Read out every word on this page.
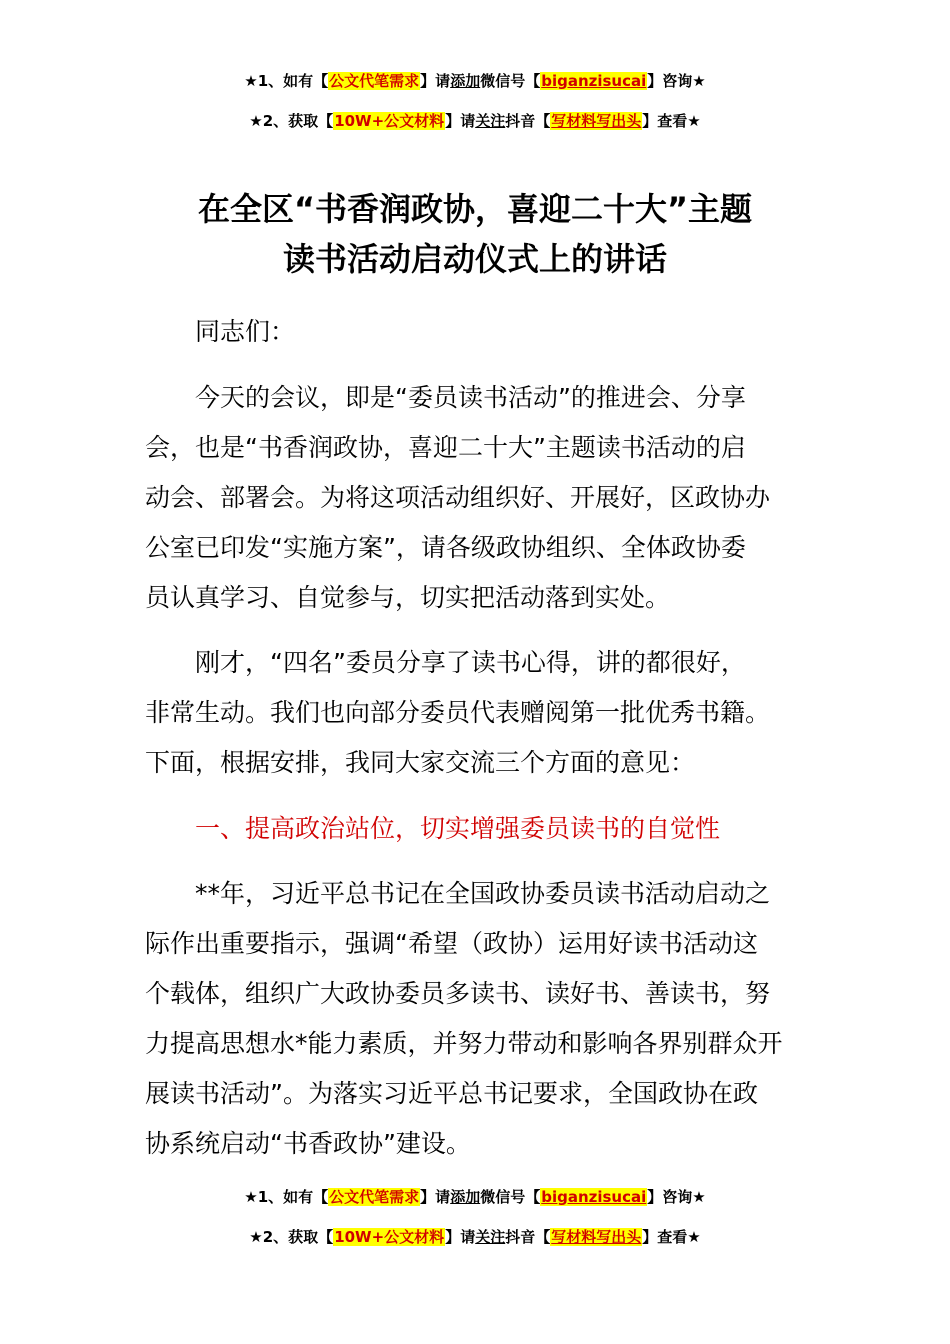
★1、如有【公文代笔需求】请添加微信号【biganzisucai】咨询★
★2、获取【10W+公文材料】请关注抖音【写材料写出头】查看★
在全区“书香润政协，喜迎二十大”主题
读书活动启动仪式上的讲话
同志们：
今天的会议，即是“委员读书活动”的推进会、分享
会，也是“书香润政协，喜迎二十大”主题读书活动的启
动会、部署会。为将这项活动组织好、开展好，区政协办
公室已印发“实施方案”，请各级政协组织、全体政协委
员认真学习、自觉参与，切实把活动落到实处。
刚才，“四名”委员分享了读书心得，讲的都很好，
非常生动。我们也向部分委员代表赠阅第一批优秀书籍。
下面，根据安排，我同大家交流三个方面的意见：
一、提高政治站位，切实增强委员读书的自觉性
**年，习近平总书记在全国政协委员读书活动启动之
际作出重要指示，强调“希望（政协）运用好读书活动这
个载体，组织广大政协委员多读书、读好书、善读书，努
力提高思想水*能力素质，并努力带动和影响各界别群众开
展读书活动”。为落实习近平总书记要求，全国政协在政
协系统启动“书香政协”建设。
★1、如有【公文代笔需求】请添加微信号【biganzisucai】咨询★
★2、获取【10W+公文材料】请关注抖音【写材料写出头】查看★
